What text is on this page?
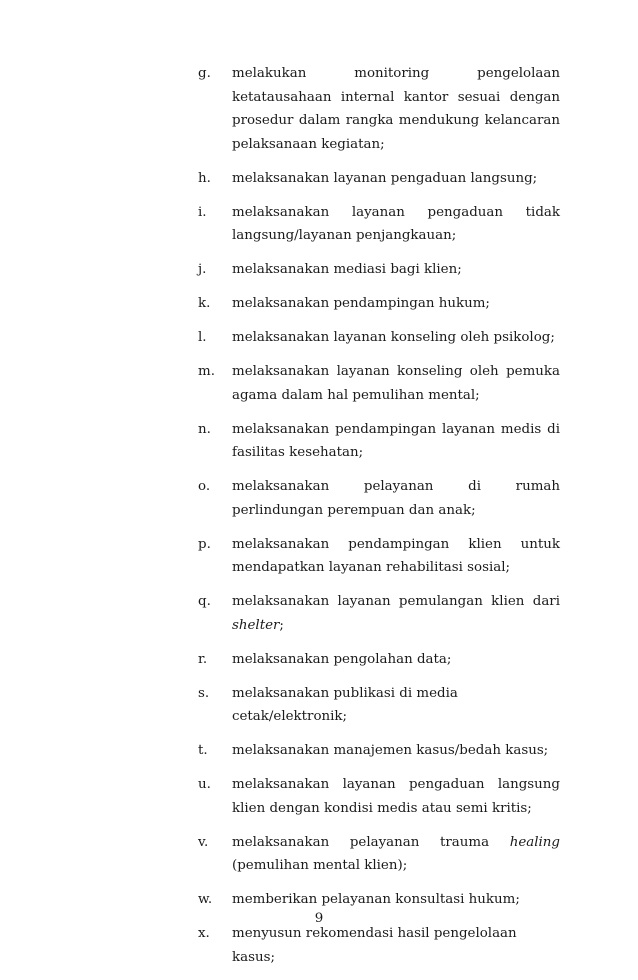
g.	melakukan monitoring pengelolaan ketatausahaan internal kantor sesuai dengan prosedur dalam rangka mendukung kelancaran pelaksanaan kegiatan;
h.	melaksanakan layanan pengaduan langsung;
i.	melaksanakan layanan pengaduan tidak langsung/layanan penjangkauan;
j.	melaksanakan mediasi bagi klien;
k.	melaksanakan pendampingan hukum;
l.	melaksanakan layanan konseling oleh psikolog;
m.	melaksanakan layanan konseling oleh pemuka agama dalam hal pemulihan mental;
n.	melaksanakan pendampingan layanan medis di fasilitas kesehatan;
o.	melaksanakan pelayanan di rumah perlindungan perempuan dan anak;
p.	melaksanakan pendampingan klien untuk mendapatkan layanan rehabilitasi sosial;
q.	melaksanakan layanan pemulangan klien dari shelter;
r.	melaksanakan pengolahan data;
s.	melaksanakan publikasi di media cetak/elektronik;
t.	melaksanakan manajemen kasus/bedah kasus;
u.	melaksanakan layanan pengaduan langsung klien dengan kondisi medis atau semi kritis;
v.	melaksanakan pelayanan trauma healing (pemulihan mental klien);
w.	memberikan pelayanan konsultasi hukum;
x.	menyusun rekomendasi hasil pengelolaan kasus;
9
